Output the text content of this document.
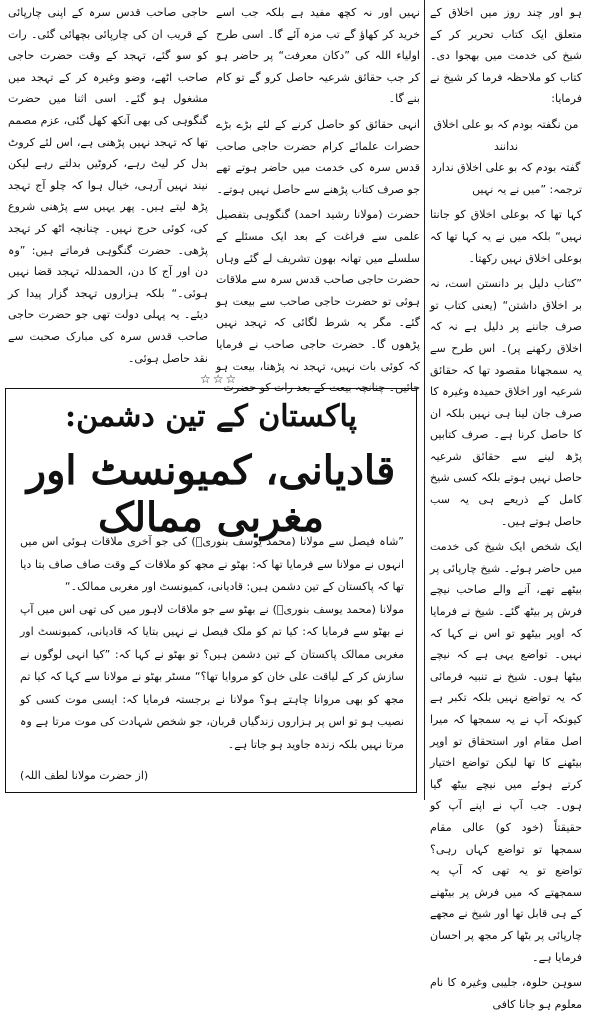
ہو اور چند روز میں اخلاق کے متعلق ایک کتاب تحریر کر کے شیخ کی خدمت میں بھجوا دی۔ کتاب کو ملاحظہ فرما کر شیخ نے فرمایا:

من نگفتہ بودم کہ بو علی اخلاق ندانند
گفتہ بودم کہ بو علی اخلاق ندارد

ترجمہ: ”میں نے یہ نہیں

کہا تھا کہ بوعلی اخلاق کو جانتا نہیں“ بلکہ میں نے یہ کہا تھا کہ بوعلی اخلاق نہیں رکھتا۔

”کتاب دلیل بر دانستن است، نہ بر اخلاق داشتن“ (یعنی کتاب تو صرف جاننے پر دلیل ہے نہ کہ اخلاق رکھنے پر)۔ اس طرح سے یہ سمجھانا مقصود تھا کہ حقائق شرعیہ اور اخلاق حمیدہ وغیرہ کا صرف جان لینا ہی نہیں بلکہ ان کا حاصل کرنا ہے۔ صرف کتابیں پڑھ لینے سے حقائق شرعیہ حاصل نہیں ہوتے بلکہ کسی شیخ کامل کے ذریعے ہی یہ سب حاصل ہوتے ہیں۔

ایک شخص ایک شیخ کی خدمت میں حاضر ہوئے۔ شیخ چارپائی پر بیٹھے تھے، آنے والے صاحب نیچے فرش پر بیٹھ گئے۔ شیخ نے فرمایا کہ اوپر بیٹھو تو اس نے کہا کہ نہیں۔ تواضع یہی ہے کہ نیچے بیٹھا ہوں۔ شیخ نے تنبیہ فرمائی کہ یہ تواضع نہیں بلکہ تکبر ہے کیونکہ آپ نے یہ سمجھا کہ میرا اصل مقام اور استحقاق تو اوپر بیٹھنے کا تھا لیکن تواضع اختیار کرتے ہوئے میں نیچے بیٹھ گیا ہوں۔ جب آپ نے اپنے آپ کو حقیقتاً (خود کو) عالی مقام سمجھا تو تواضع کہاں رہی؟ تواضع تو یہ تھی کہ آپ یہ سمجھتے کہ میں فرش پر بیٹھنے کے ہی قابل تھا اور شیخ نے مجھے چارپائی پر بٹھا کر مجھ پر احسان فرمایا ہے۔

سوہن حلوہ، جلیبی وغیرہ کا نام معلوم ہو جانا کافی

نہیں اور نہ کچھ مفید ہے بلکہ جب اسے خرید کر کھاؤ گے تب مزہ آئے گا۔ اسی طرح اولیاء اللہ کی ”دکان معرفت“ پر حاضر ہو کر جب حقائق شرعیہ حاصل کرو گے تو کام بنے گا۔

انہی حقائق کو حاصل کرنے کے لئے بڑے بڑے حضرات علمائے کرام حضرت حاجی صاحب قدس سرہ کی خدمت میں حاضر ہوتے تھے جو صرف کتاب پڑھنے سے حاصل نہیں ہوتے۔

حضرت (مولانا رشید احمد) گنگوہی بتفصیل علمی سے فراغت کے بعد ایک مسئلے کے سلسلے میں تھانہ بھون تشریف لے گئے وہاں حضرت حاجی صاحب قدس سرہ سے ملاقات ہوئی تو حضرت حاجی صاحب سے بیعت ہو گئے۔ مگر یہ شرط لگائی کہ تہجد نہیں پڑھوں گا۔ حضرت حاجی صاحب نے فرمایا کہ کوئی بات نہیں، تہجد نہ پڑھنا، بیعت ہو جائیں۔ چنانچہ بیعت کے بعد رات کو حضرت

حاجی صاحب قدس سرہ کے اپنی چارپائی کے قریب ان کی چارپائی بچھائی گئی۔ رات کو سو گئے، تہجد کے وقت حضرت حاجی صاحب اٹھے، وضو وغیرہ کر کے تہجد میں مشغول ہو گئے۔ اسی اثنا میں حضرت گنگوہی کی بھی آنکھ کھل گئی، عزم مصمم تھا کہ تہجد نہیں پڑھنی ہے، اس لئے کروٹ بدل کر لیٹ رہے، کروٹیں بدلتے رہے لیکن نیند نہیں آرہی، خیال ہوا کہ چلو آج تہجد پڑھ لیتے ہیں۔ پھر یہیں سے پڑھنی شروع کی، کوئی حرج نہیں۔ چنانچہ اٹھ کر تہجد پڑھی۔ حضرت گنگوہی فرماتے ہیں: ”وہ دن اور آج کا دن، الحمدللہ تہجد قضا نہیں ہوئی۔“ بلکہ ہزاروں تہجد گزار پیدا کر دیئے۔ یہ پہلی دولت تھی جو حضرت حاجی صاحب قدس سرہ کی مبارک صحبت سے نقد حاصل ہوئی۔

☆☆☆
پاکستان کے تین دشمن:
قادیانی، کمیونسٹ اور مغربی ممالک

”شاہ فیصل سے مولانا (محمد یوسف بنوریؒ) کی جو آخری ملاقات ہوئی اس میں انہوں نے مولانا سے فرمایا تھا کہ: بھٹو نے مجھ کو ملاقات کے وقت صاف صاف بتا دیا تھا کہ پاکستان کے تین دشمن ہیں: قادیانی، کمیونسٹ اور مغربی ممالک۔“

مولانا (محمد یوسف بنوریؒ) نے بھٹو سے جو ملاقات لاہور میں کی تھی اس میں آپ نے بھٹو سے فرمایا کہ: کیا تم کو ملک فیصل نے نہیں بتایا کہ قادیانی، کمیونسٹ اور مغربی ممالک پاکستان کے تین دشمن ہیں؟ تو بھٹو نے کہا کہ: ”کیا انہی لوگوں نے سازش کر کے لیاقت علی خان کو مروایا تھا؟“ مسٹر بھٹو نے مولانا سے کہا کہ کیا تم مجھ کو بھی مروانا چاہتے ہو؟ مولانا نے برجستہ فرمایا کہ: ایسی موت کسی کو نصیب ہو تو اس پر ہزاروں زندگیاں قربان، جو شخص شہادت کی موت مرتا ہے وہ مرتا نہیں بلکہ زندہ جاوید ہو جاتا ہے۔

(از حضرت مولانا لطف اللہ)
